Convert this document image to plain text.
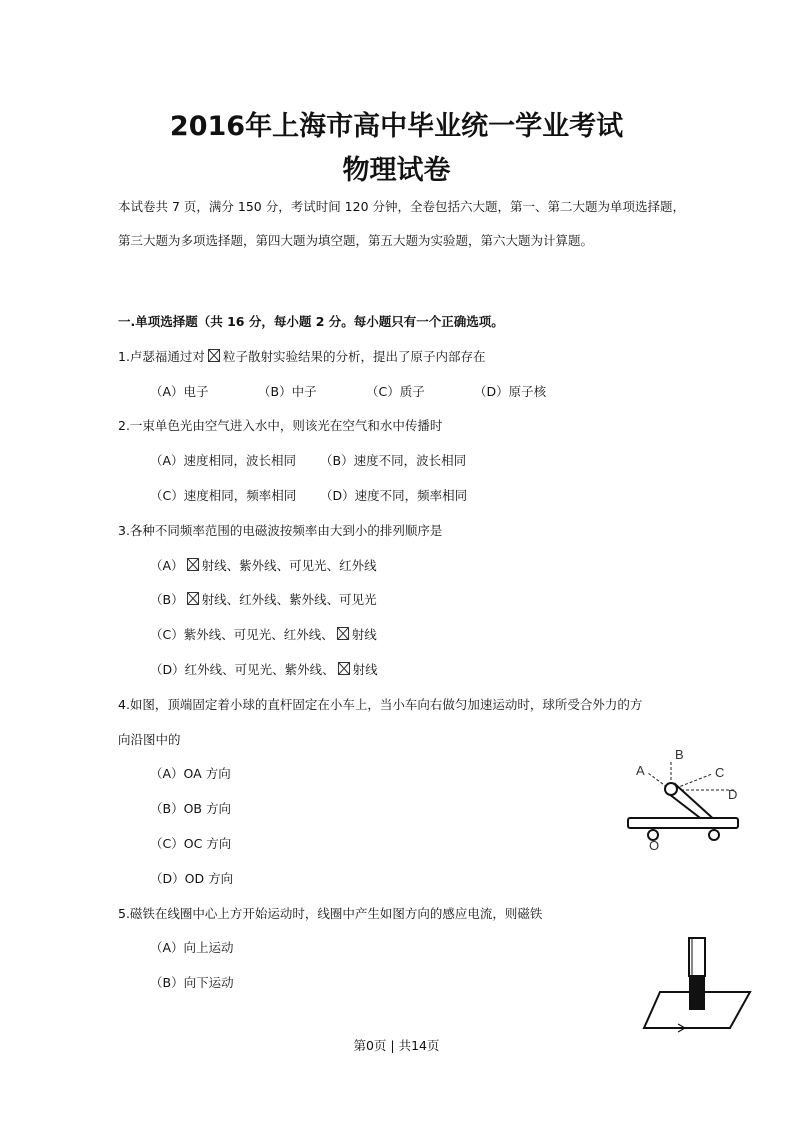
2016年上海市高中毕业统一学业考试
物理试卷
本试卷共 7 页，满分 150 分，考试时间 120 分钟，全卷包括六大题，第一、第二大题为单项选择题，第三大题为多项选择题，第四大题为填空题，第五大题为实验题，第六大题为计算题。
一.单项选择题（共 16 分，每小题 2 分。每小题只有一个正确选项。
1.卢瑟福通过对 粒子散射实验结果的分析，提出了原子内部存在
（A）电子	（B）中子	（C）质子	（D）原子核
2.一束单色光由空气进入水中，则该光在空气和水中传播时
（A）速度相同，波长相同 （B）速度不同，波长相同
（C）速度相同，频率相同 （D）速度不同，频率相同
3.各种不同频率范围的电磁波按频率由大到小的排列顺序是
（A） 射线、紫外线、可见光、红外线
（B） 射线、红外线、紫外线、可见光
（C）紫外线、可见光、红外线、 射线
（D）红外线、可见光、紫外线、 射线
4.如图，顶端固定着小球的直杆固定在小车上，当小车向右做匀加速运动时，球所受合外力的方
向沿图中的
（A）OA 方向
（B）OB 方向
（C）OC 方向
（D）OD 方向
5.磁铁在线圈中心上方开始运动时，线圈中产生如图方向的感应电流，则磁铁
（A）向上运动
（B）向下运动
A
B
C
D
O
第0页 | 共14页
